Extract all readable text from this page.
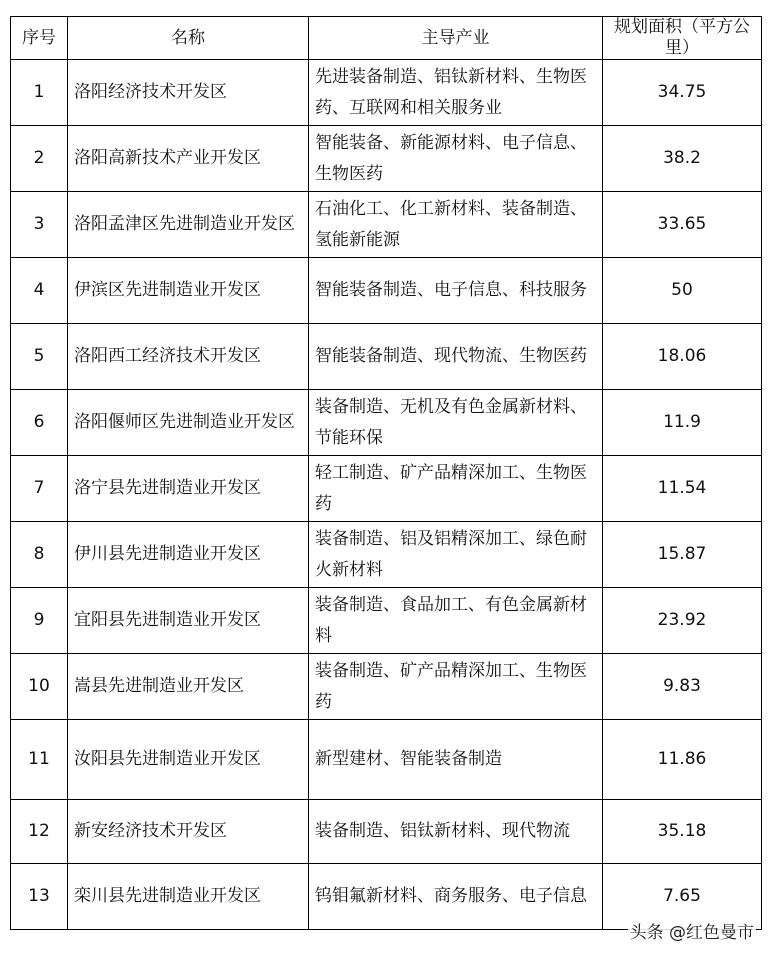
序号	名称	主导产业	规划面积（平方公里）
1	洛阳经济技术开发区	先进装备制造、铝钛新材料、生物医药、互联网和相关服务业	34.75
2	洛阳高新技术产业开发区	智能装备、新能源材料、电子信息、生物医药	38.2
3	洛阳孟津区先进制造业开发区	石油化工、化工新材料、装备制造、氢能新能源	33.65
4	伊滨区先进制造业开发区	智能装备制造、电子信息、科技服务	50
5	洛阳西工经济技术开发区	智能装备制造、现代物流、生物医药	18.06
6	洛阳偃师区先进制造业开发区	装备制造、无机及有色金属新材料、节能环保	11.9
7	洛宁县先进制造业开发区	轻工制造、矿产品精深加工、生物医药	11.54
8	伊川县先进制造业开发区	装备制造、铝及铝精深加工、绿色耐火新材料	15.87
9	宜阳县先进制造业开发区	装备制造、食品加工、有色金属新材料	23.92
10	嵩县先进制造业开发区	装备制造、矿产品精深加工、生物医药	9.83
11	汝阳县先进制造业开发区	新型建材、智能装备制造	11.86
12	新安经济技术开发区	装备制造、铝钛新材料、现代物流	35.18
13	栾川县先进制造业开发区	钨钼氟新材料、商务服务、电子信息	7.65
头条 @红色曼市
